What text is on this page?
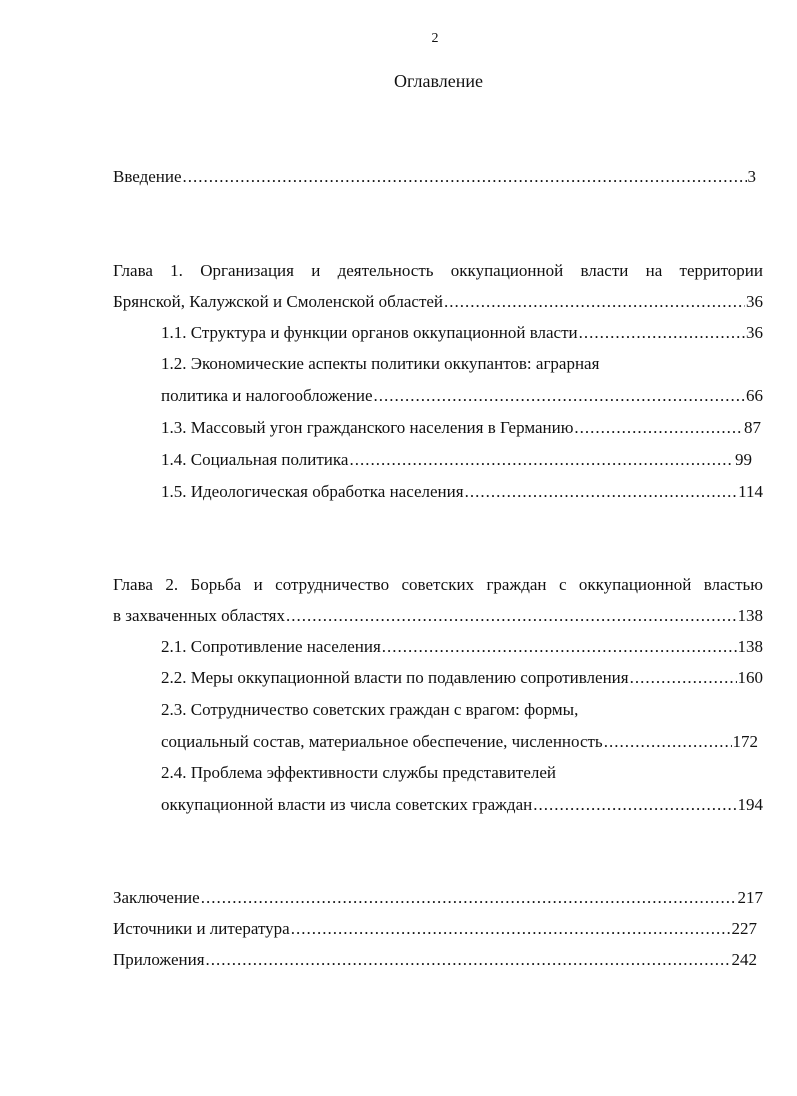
2
Оглавление
Введение .....	3
Глава 1. Организация и деятельность оккупационной власти на территории
Брянской, Калужской и Смоленской областей .....	36
1.1. Структура и функции органов оккупационной власти .....	36
1.2. Экономические аспекты политики оккупантов: аграрная
политика и налогообложение .....	66
1.3. Массовый угон гражданского населения в Германию .....	87
1.4. Социальная политика .....	99
1.5. Идеологическая обработка населения .....	114
Глава 2. Борьба и сотрудничество советских граждан с оккупационной властью
в захваченных областях .....	138
2.1. Сопротивление населения .....	138
2.2. Меры оккупационной власти по подавлению сопротивления .....	160
2.3. Сотрудничество советских граждан с врагом: формы,
социальный состав, материальное обеспечение, численность .....	172
2.4. Проблема эффективности службы представителей
оккупационной власти из числа советских граждан .....	194
Заключение .....	217
Источники и литература .....	227
Приложения .....	242
